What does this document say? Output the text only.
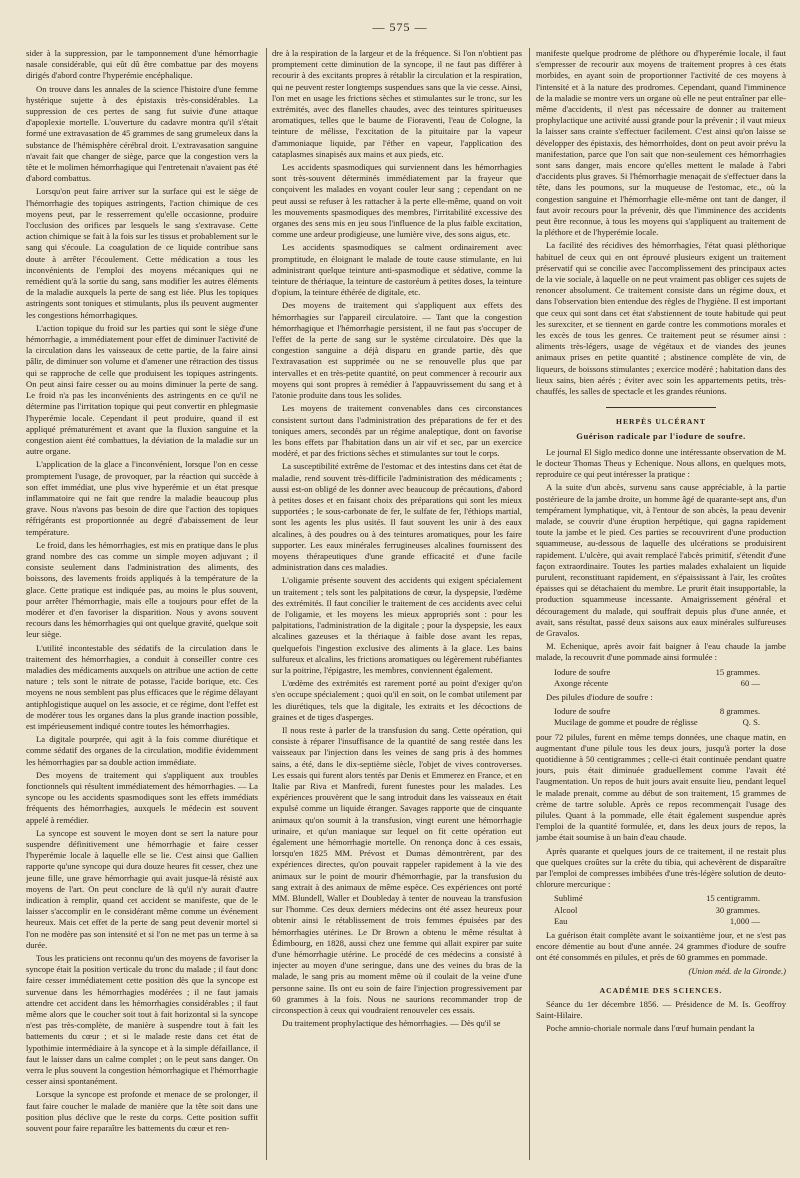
— 575 —

sider à la suppression, par le tamponnement d'une hémorrhagie nasale considérable, qui eût dû être combattue par des moyens dirigés d'abord contre l'hyperémie encéphalique.

On trouve dans les annales de la science l'histoire d'une femme hystérique sujette à des épistaxis très-considérables. La suppression de ces pertes de sang fut suivie d'une attaque d'apoplexie mortelle. L'ouverture du cadavre montra qu'il s'était formé une extravasation de 45 grammes de sang grumeleux dans la substance de l'hémisphère cérébral droit. L'extravasation sanguine n'avait fait que changer de siège, parce que la congestion vers la tête et le molimen hémorrhagique qui l'entretenait n'avaient pas été d'abord combattus.

Lorsqu'on peut faire arriver sur la surface qui est le siège de l'hémorrhagie des topiques astringents, l'action chimique de ces moyens peut, par le resserrement qu'elle occasionne, produire l'occlusion des orifices par lesquels le sang s'extravase. Cette action chimique se fait à la fois sur les tissus et probablement sur le sang qui s'écoule. La coagulation de ce liquide contribue sans doute à arrêter l'écoulement. Cette médication a tous les inconvénients de l'emploi des moyens mécaniques qui ne remédient qu'à la sortie du sang, sans modifier les autres éléments de la maladie auxquels la perte de sang est liée. Plus les topiques astringents sont toniques et stimulants, plus ils peuvent augmenter les congestions hémorrhagiques.

L'action topique du froid sur les parties qui sont le siège d'une hémorrhagie, a immédiatement pour effet de diminuer l'activité de la circulation dans les vaisseaux de cette partie, de la faire ainsi pâlir, de diminuer son volume et d'amener une rétraction des tissus qui se rapproche de celle que produisent les topiques astringents. On peut ainsi faire cesser ou au moins diminuer la perte de sang. Le froid n'a pas les inconvénients des astringents en ce qu'il ne détermine pas l'irritation topique qui peut convertir en phlegmasie l'hyperémie locale. Cependant il peut produire, quand il est appliqué prématurément et avant que la fluxion sanguine et la congestion aient été combattues, la déviation de la maladie sur un autre organe.

L'application de la glace a l'inconvénient, lorsque l'on en cesse promptement l'usage, de provoquer, par la réaction qui succède à son effet immédiat, une plus vive hyperémie et un état presque inflammatoire qui ne fait que rendre la maladie beaucoup plus grave. Nous n'avons pas besoin de dire que l'action des topiques réfrigérants est proportionnée au degré d'abaissement de leur température.

Le froid, dans les hémorrhagies, est mis en pratique dans le plus grand nombre des cas comme un simple moyen adjuvant ; il consiste seulement dans l'administration des aliments, des boissons, des lavements froids appliqués à la température de la glace. Cette pratique est indiquée pas, au moins le plus souvent, pour arrêter l'hémorrhagie, mais elle a toujours pour effet de la modérer et d'en favoriser la disparition. Nous y avons souvent recours dans les hémorrhagies qui ont quelque gravité, quelque soit leur siège.

L'utilité incontestable des sédatifs de la circulation dans le traitement des hémorrhagies, a conduit à conseiller contre ces maladies des médicaments auxquels on attribue une action de cette nature ; tels sont le nitrate de potasse, l'acide borique, etc. Ces moyens ne nous semblent pas plus efficaces que le régime délayant antiphlogistique auquel on les associe, et ce régime, dont l'effet est de modérer tous les organes dans la plus grande inaction possible, est impérieusement indiqué contre toutes les hémorrhagies.

La digitale pourprée, qui agit à la fois comme diurétique et comme sédatif des organes de la circulation, modifie évidemment les hémorrhagies par sa double action immédiate.

Des moyens de traitement qui s'appliquent aux troubles fonctionnels qui résultent immédiatement des hémorrhagies. — La syncope ou les accidents spasmodiques sont les effets immédiats fréquents des hémorrhagies, auxquels le médecin est souvent appelé à remédier.

La syncope est souvent le moyen dont se sert la nature pour suspendre définitivement une hémorrhagie et faire cesser l'hyperémie locale à laquelle elle se lie. C'est ainsi que Gallien rapporte qu'une syncope qui dura douze heures fit cesser, chez une jeune fille, une grave hémorrhagie qui avait jusque-là résisté aux moyens de l'art. On peut conclure de là qu'il n'y aurait d'autre indication à remplir, quand cet accident se manifeste, que de le laisser s'accomplir en le considérant même comme un événement heureux. Mais cet effet de la perte de sang peut devenir mortel si l'on ne modère pas son intensité et si l'on ne met pas un terme à sa durée.

Tous les praticiens ont reconnu qu'un des moyens de favoriser la syncope était la position verticale du tronc du malade ; il faut donc faire cesser immédiatement cette position dès que la syncope est survenue dans les hémorrhagies modérées ; il ne faut jamais attendre cet accident dans les hémorrhagies considérables ; il faut même alors que le coucher soit tout à fait horizontal si la syncope n'est pas très-complète, de manière à suspendre tout à fait les battements du cœur ; et si le malade reste dans cet état de lypothimie intermédiaire à la syncope et à la simple défaillance, il faut le laisser dans un calme complet ; on le peut sans danger. On verra le plus souvent la congestion hémorrhagique et l'hémorrhagie cesser ainsi spontanément.

Lorsque la syncope est profonde et menace de se prolonger, il faut faire coucher le malade de manière que la tête soit dans une position plus déclive que le reste du corps. Cette position suffit souvent pour faire reparaître les battements du cœur et ren-

dre à la respiration de la largeur et de la fréquence. Si l'on n'obtient pas promptement cette diminution de la syncope, il ne faut pas différer à recourir à des excitants propres à rétablir la circulation et la respiration, qui ne peuvent rester longtemps suspendues sans que la vie cesse. Ainsi, l'on met en usage les frictions sèches et stimulantes sur le tronc, sur les extrémités, avec des flanelles chaudes, avec des teintures spiritueuses aromatiques, telles que le baume de Fioraventi, l'eau de Cologne, la teinture de mélisse, l'excitation de la pituitaire par la vapeur d'ammoniaque liquide, par l'éther en vapeur, l'application des cataplasmes sinapisés aux mains et aux pieds, etc.

Les accidents spasmodiques qui surviennent dans les hémorrhagies sont très-souvent déterminés immédiatement par la frayeur que conçoivent les malades en voyant couler leur sang ; cependant on ne peut aussi se refuser à les rattacher à la perte elle-même, quand on voit les mouvements spasmodiques des membres, l'irritabilité excessive des organes des sens mis en jeu sous l'influence de la plus faible excitation, comme une ardeur prodigieuse, une lumière vive, des sons aigus, etc.

Les accidents spasmodiques se calment ordinairement avec promptitude, en éloignant le malade de toute cause stimulante, en lui administrant quelque teinture anti-spasmodique et sédative, comme la teinture de thériaque, la teinture de castoréum à petites doses, la teinture d'opium, la teinture éthérée de digitale, etc.

Des moyens de traitement qui s'appliquent aux effets des hémorrhagies sur l'appareil circulatoire. — Tant que la congestion hémorrhagique et l'hémorrhagie persistent, il ne faut pas s'occuper de l'effet de la perte de sang sur le système circulatoire. Dès que la congestion sanguine a déjà disparu en grande partie, dès que l'extravasation est supprimée ou ne se renouvelle plus que par intervalles et en très-petite quantité, on peut commencer à recourir aux moyens qui sont propres à remédier à l'appauvrissement du sang et à l'atonie produite dans tous les solides.

Les moyens de traitement convenables dans ces circonstances consistent surtout dans l'administration des préparations de fer et des toniques amers, secondés par un régime analeptique, dont on favorise les bons effets par l'habitation dans un air vif et sec, par un exercice modéré, et par des frictions sèches et stimulantes sur tout le corps.

La susceptibilité extrême de l'estomac et des intestins dans cet état de maladie, rend souvent très-difficile l'administration des médicaments ; aussi est-on obligé de les donner avec beaucoup de précautions, d'abord à petites doses et en faisant choix des préparations qui sont les mieux supportées ; le sous-carbonate de fer, le sulfate de fer, l'éthiops martial, sont les agents les plus usités. Il faut souvent les unir à des eaux alcalines, à des poudres ou à des teintures aromatiques, pour les faire supporter. Les eaux minérales ferrugineuses alcalines fournissent des moyens thérapeutiques d'une grande efficacité et d'une facile administration dans ces maladies.

L'oligamie présente souvent des accidents qui exigent spécialement un traitement ; tels sont les palpitations de cœur, la dyspepsie, l'œdème des extrémités. Il faut concilier le traitement de ces accidents avec celui de l'oligamie, et les moyens les mieux appropriés sont : pour les palpitations, l'administration de la digitale ; pour la dyspepsie, les eaux alcalines gazeuses et la thériaque à faible dose avant les repas, quelquefois l'ingestion exclusive des aliments à la glace. Les bains sulfureux et alcalins, les frictions aromatiques ou légèrement rubéfiantes sur la poitrine, l'épigastre, les membres, conviennent également.

L'œdème des extrémités est rarement porté au point d'exiger qu'on s'en occupe spécialement ; quoi qu'il en soit, on le combat utilement par les diurétiques, tels que la digitale, les extraits et les décoctions de graines et de tiges d'asperges.

Il nous reste à parler de la transfusion du sang. Cette opération, qui consiste à réparer l'insuffisance de la quantité de sang restée dans les vaisseaux par l'injection dans les veines de sang pris à des hommes sains, a été, dans le dix-septième siècle, l'objet de vives controverses. Les essais qui furent alors tentés par Denis et Emmerez en France, et en Italie par Riva et Manfredi, furent funestes pour les malades. Les expériences prouvèrent que le sang introduit dans les vaisseaux en était expulsé comme un liquide étranger. Savages rapporte que de cinquante animaux qu'on soumit à la transfusion, vingt eurent une hémorrhagie urinaire, et qu'un maniaque sur lequel on fit cette opération eut également une hémorrhagie mortelle. On renonça donc à ces essais, lorsqu'en 1825 MM. Prévost et Dumas démontrèrent, par des expériences directes, qu'on pouvait rappeler rapidement à la vie des animaux sur le point de mourir d'hémorrhagie, par la transfusion du sang extrait à des animaux de même espèce. Ces expériences ont porté MM. Blundell, Waller et Doubleday à tenter de nouveau la transfusion sur l'homme. Ces deux derniers médecins ont été assez heureux pour obtenir ainsi le rétablissement de trois femmes épuisées par des hémorrhagies utérines. Le Dr Brown a obtenu le même résultat à Édimbourg, en 1828, aussi chez une femme qui allait expirer par suite d'une hémorrhagie utérine. Le procédé de ces médecins a consisté à injecter au moyen d'une seringue, dans une des veines du bras de la malade, le sang pris au moment même où il coulait de la veine d'une personne saine. Ils ont eu soin de faire l'injection progressivement par 60 grammes à la fois. Nous ne saurions recommander trop de circonspection à ceux qui voudraient renouveler ces essais.

Du traitement prophylactique des hémorrhagies. — Dès qu'il se

manifeste quelque prodrome de pléthore ou d'hyperémie locale, il faut s'empresser de recourir aux moyens de traitement propres à ces états morbides, en ayant soin de proportionner l'activité de ces moyens à l'intensité et à la nature des prodromes. Cependant, quand l'imminence de la maladie se montre vers un organe où elle ne peut entraîner par elle-même d'accidents, il n'est pas nécessaire de donner au traitement prophylactique une activité aussi grande pour la prévenir ; il vaut mieux la laisser sans crainte s'effectuer facilement. C'est ainsi qu'on laisse se développer des épistaxis, des hémorrhoïdes, dont on peut avoir prévu la manifestation, parce que l'on sait que non-seulement ces hémorrhagies sont sans danger, mais encore qu'elles mettent le malade à l'abri d'accidents plus graves. Si l'hémorrhagie menaçait de s'effectuer dans la tête, dans les poumons, sur la muqueuse de l'estomac, etc., où la congestion sanguine et l'hémorrhagie elle-même ont tant de danger, il faut avoir recours pour la prévenir, dès que l'imminence des accidents peut être reconnue, à tous les moyens qui s'appliquent au traitement de la pléthore et de l'hyperémie locale.

La facilité des récidives des hémorrhagies, l'état quasi pléthorique habituel de ceux qui en ont éprouvé plusieurs exigent un traitement préservatif qui se concilie avec l'accomplissement des principaux actes de la vie sociale, à laquelle on ne peut vraiment pas obliger ces sujets de renoncer absolument. Ce traitement consiste dans un régime doux, et dans l'observation bien entendue des règles de l'hygiène. Il est important que ceux qui sont dans cet état s'abstiennent de toute habitude qui peut les surexciter, et se tiennent en garde contre les commotions morales et les excès de tous les genres. Ce traitement peut se résumer ainsi : aliments très-légers, usage de végétaux et de viandes des jeunes animaux prises en petite quantité ; abstinence complète de vin, de liqueurs, de boissons stimulantes ; exercice modéré ; habitation dans des lieux sains, bien aérés ; éviter avec soin les appartements petits, très-chauffés, les salles de spectacle et les grandes réunions.

HERPÈS ULCÉRANT
Guérison radicale par l'iodure de soufre.

Le journal El Siglo medico donne une intéressante observation de M. le docteur Thomas Theus y Echenique. Nous allons, en quelques mots, reproduire ce qui peut intéresser la pratique :

A la suite d'un abcès, survenu sans cause appréciable, à la partie postérieure de la jambe droite, un homme âgé de quarante-sept ans, d'un tempérament lymphatique, vit, à l'entour de son abcès, la peau devenir malade, se couvrir d'une éruption herpétique, qui gagna rapidement toute la jambe et le pied. Ces parties se recouvrirent d'une production squammeuse, au-dessous de laquelle des ulcérations se produisirent rapidement. L'ulcère, qui avait remplacé l'abcès primitif, s'étendit d'une façon extraordinaire. Toutes les parties malades exhalaient un liquide purulent, reconstituant rapidement, en s'épaississant à l'air, les croûtes épaisses qui se détachaient du membre. Le prurit était insupportable, la production squammeuse incessante. Amaigrissement général et découragement du malade, qui souffrait depuis plus d'une année, et avait, sans résultat, passé deux saisons aux eaux minérales sulfureuses de Gravalos.

M. Echenique, après avoir fait baigner à l'eau chaude la jambe malade, la recouvrit d'une pommade ainsi formulée :

Iodure de soufre	15 grammes.
Axonge récente	60 —

Des pilules d'iodure de soufre :

Iodure de soufre	8 grammes.
Mucilage de gomme et poudre de réglisse	Q. S.

pour 72 pilules, furent en même temps données, une chaque matin, en augmentant d'une pilule tous les deux jours, jusqu'à porter la dose quotidienne à 50 centigrammes ; celle-ci était continuée pendant quatre jours, puis était diminuée graduellement comme l'avait été l'augmentation. Un repos de huit jours avait ensuite lieu, pendant lequel le malade prenait, comme au début de son traitement, 15 grammes de crème de tartre soluble. Après ce repos recommençait l'usage des pilules. Quant à la pommade, elle était également suspendue après l'emploi de la quantité formulée, et, dans les deux jours de repos, la jambe était soumise à un bain d'eau chaude.

Après quarante et quelques jours de ce traitement, il ne restait plus que quelques croûtes sur la crête du tibia, qui achevèrent de disparaître par l'emploi de compresses imbibées d'une très-légère solution de deuto-chlorure mercurique :

Sublimé	15 centigramm.
Alcool	30 grammes.
Eau	1,000 —

La guérison était complète avant le soixantième jour, et ne s'est pas encore démentie au bout d'une année. 24 grammes d'iodure de soufre ont été consommés en pilules, et près de 60 grammes en pommade.

(Union méd. de la Gironde.)
ACADÉMIE DES SCIENCES.

Séance du 1er décembre 1856. — Présidence de M. Is. Geoffroy Saint-Hilaire.

Poche amnio-choriale normale dans l'œuf humain pendant la
